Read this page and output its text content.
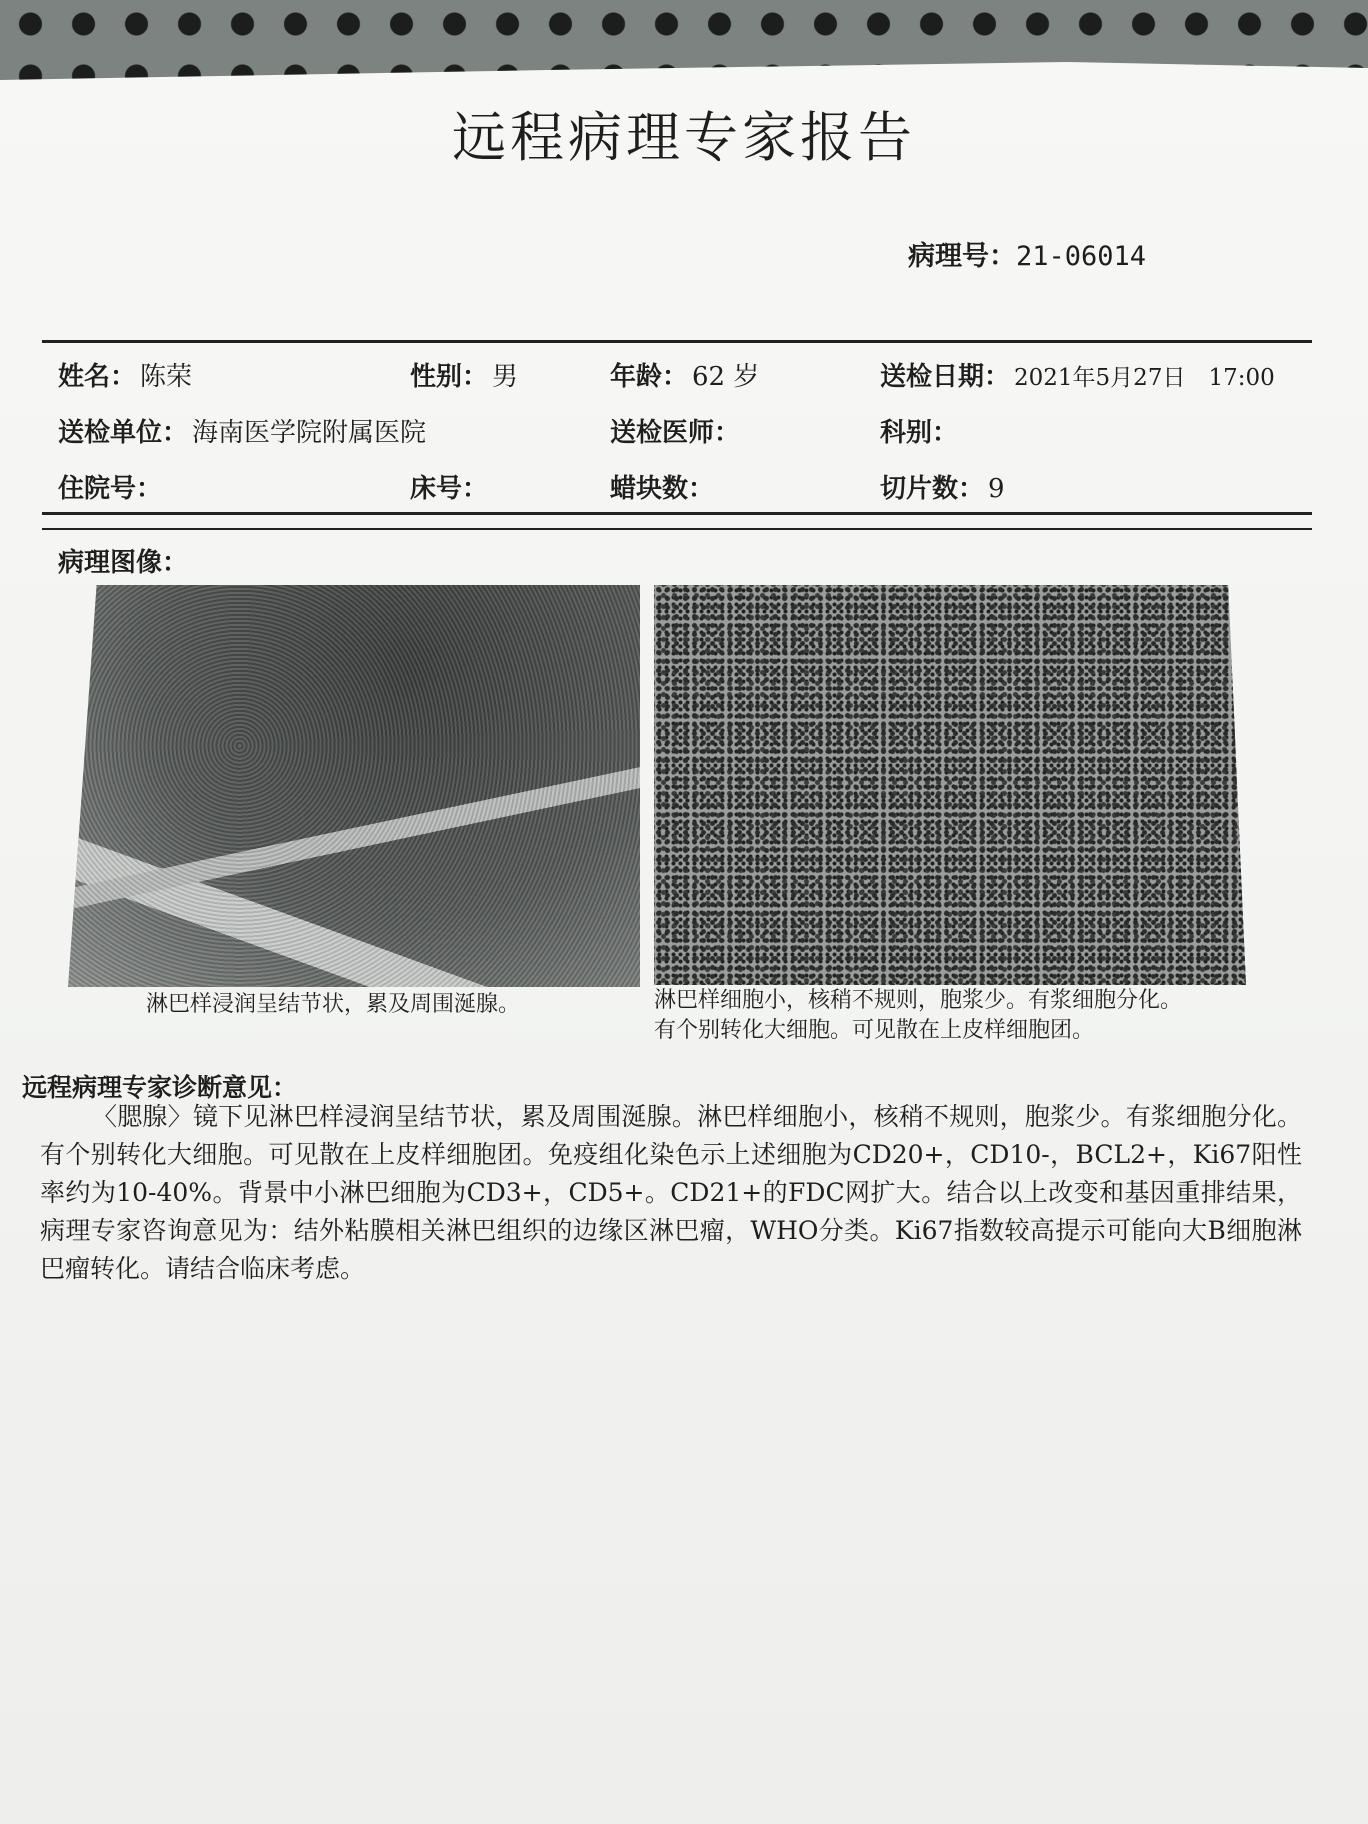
远程病理专家报告
病理号：21-06014
姓名： 陈荣	性别： 男	年龄： 62 岁	送检日期： 2021年5月27日　17:00
送检单位： 海南医学院附属医院	送检医师：	科别：
住院号：	床号：	蜡块数：	切片数： 9
病理图像：
淋巴样浸润呈结节状，累及周围涎腺。	淋巴样细胞小，核稍不规则，胞浆少。有浆细胞分化。
有个别转化大细胞。可见散在上皮样细胞团。
远程病理专家诊断意见：
〈腮腺〉镜下见淋巴样浸润呈结节状，累及周围涎腺。淋巴样细胞小，核稍不规则，胞浆少。有浆细胞分化。有个别转化大细胞。可见散在上皮样细胞团。免疫组化染色示上述细胞为CD20+，CD10-，BCL2+，Ki67阳性率约为10-40%。背景中小淋巴细胞为CD3+，CD5+。CD21+的FDC网扩大。结合以上改变和基因重排结果，病理专家咨询意见为：结外粘膜相关淋巴组织的边缘区淋巴瘤，WHO分类。Ki67指数较高提示可能向大B细胞淋巴瘤转化。请结合临床考虑。
